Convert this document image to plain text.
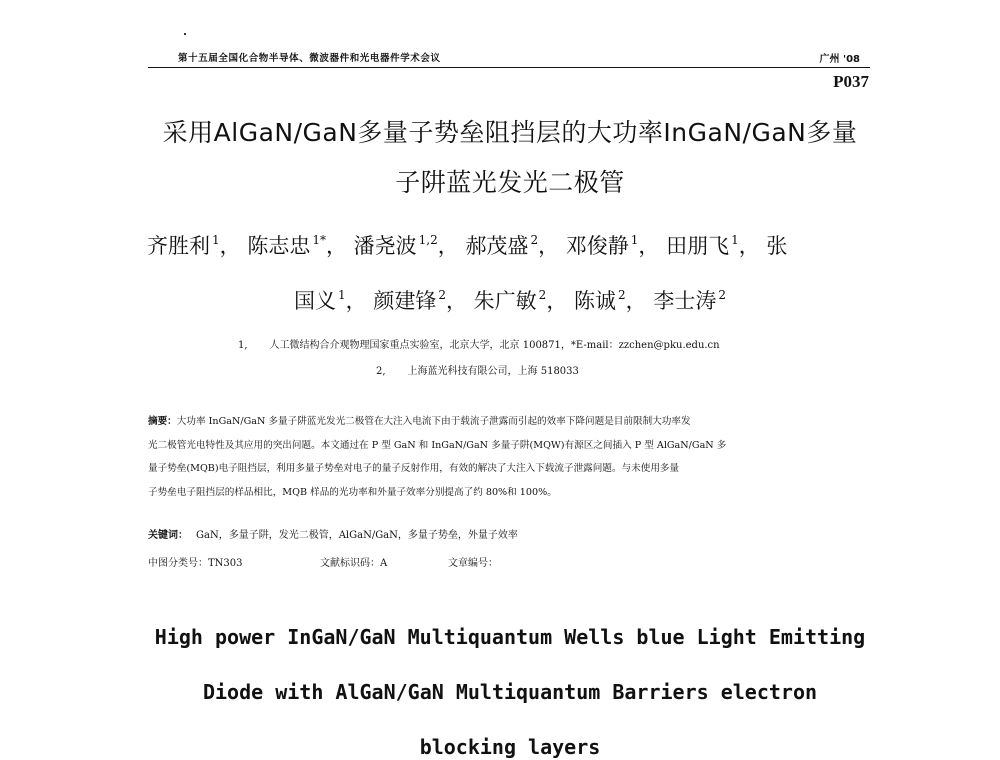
第十五届全国化合物半导体、微波器件和光电器件学术会议	广州 '08
P037
采用AlGaN/GaN多量子势垒阻挡层的大功率InGaN/GaN多量
子阱蓝光发光二极管
齐胜利 $^1$， 陈志忠 $^{1*}$， 潘尧波 $^{1,2}$， 郝茂盛 $^2$， 邓俊静 $^1$， 田朋飞 $^1$， 张
国义 $^1$， 颜建锋 $^2$， 朱广敏 $^2$， 陈诚 $^2$， 李士涛 $^2$
1, 人工微结构合介观物理国家重点实验室，北京大学，北京 100871，*E-mail：zzchen@pku.edu.cn
2, 上海蓝光科技有限公司，上海 518033
摘要：大功率 InGaN/GaN 多量子阱蓝光发光二极管在大注入电流下由于载流子泄露而引起的效率下降问题是目前限制大功率发
光二极管光电特性及其应用的突出问题。本文通过在 P 型 GaN 和 InGaN/GaN 多量子阱(MQW)有源区之间插入 P 型 AlGaN/GaN 多
量子势垒(MQB)电子阻挡层，利用多量子势垒对电子的量子反射作用，有效的解决了大注入下载流子泄露问题。与未使用多量
子势垒电子阻挡层的样品相比，MQB 样品的光功率和外量子效率分别提高了约 80%和 100%。
关键词： GaN，多量子阱，发光二极管，AlGaN/GaN，多量子势垒，外量子效率
中图分类号：TN303	文献标识码：A	文章编号：
High power InGaN/GaN Multiquantum Wells blue Light Emitting
Diode with AlGaN/GaN Multiquantum Barriers electron
blocking layers
